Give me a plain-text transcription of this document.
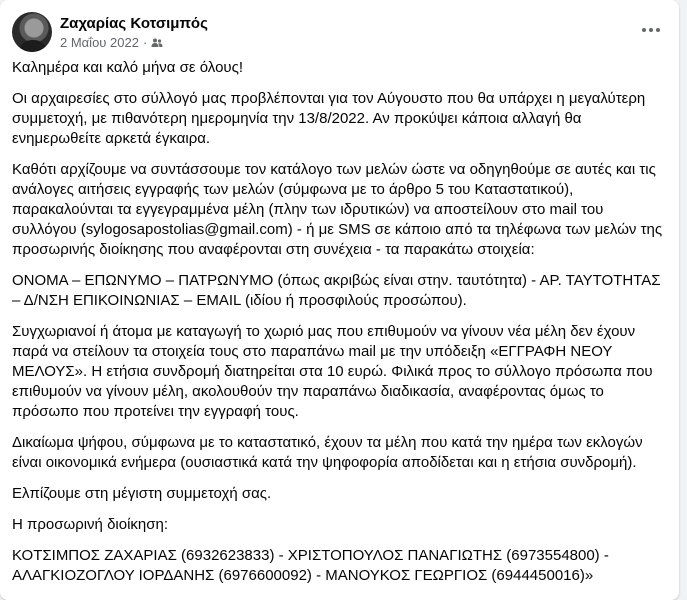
Ζαχαρίας Κοτσιμπός
2 Μαΐου 2022 ·

Καλημέρα και καλό μήνα σε όλους!

Οι αρχαιρεσίες στο σύλλογό μας προβλέπονται για τον Αύγουστο που θα υπάρχει η μεγαλύτερη συμμετοχή, με πιθανότερη ημερομηνία την 13/8/2022. Αν προκύψει κάποια αλλαγή θα ενημερωθείτε αρκετά έγκαιρα.

Καθότι αρχίζουμε να συντάσσουμε τον κατάλογο των μελών ώστε να οδηγηθούμε σε αυτές και τις ανάλογες αιτήσεις εγγραφής των μελών (σύμφωνα με το άρθρο 5 του Καταστατικού), παρακαλούνται τα εγγεγραμμένα μέλη (πλην των ιδρυτικών) να αποστείλουν στο mail του συλλόγου (sylogosapostolias@gmail.com) - ή με SMS σε κάποιο από τα τηλέφωνα των μελών της προσωρινής διοίκησης που αναφέρονται στη συνέχεια - τα παρακάτω στοιχεία:

ΟΝΟΜΑ – ΕΠΩΝΥΜΟ – ΠΑΤΡΩΝΥΜΟ (όπως ακριβώς είναι στην. ταυτότητα) - ΑΡ. ΤΑΥΤΟΤΗΤΑΣ – Δ/ΝΣΗ ΕΠΙΚΟΙΝΩΝΙΑΣ – EMAIL (ιδίου ή προσφιλούς προσώπου).

Συγχωριανοί ή άτομα με καταγωγή το χωριό μας που επιθυμούν να γίνουν νέα μέλη δεν έχουν παρά να στείλουν τα στοιχεία τους στο παραπάνω mail με την υπόδειξη «ΕΓΓΡΑΦΗ ΝΕΟΥ ΜΕΛΟΥΣ». Η ετήσια συνδρομή διατηρείται στα 10 ευρώ. Φιλικά προς το σύλλογο πρόσωπα που επιθυμούν να γίνουν μέλη, ακολουθούν την παραπάνω διαδικασία, αναφέροντας όμως το πρόσωπο που προτείνει την εγγραφή τους.

Δικαίωμα ψήφου, σύμφωνα με το καταστατικό, έχουν τα μέλη που κατά την ημέρα των εκλογών είναι οικονομικά ενήμερα (ουσιαστικά κατά την ψηφοφορία αποδίδεται και η ετήσια συνδρομή).

Ελπίζουμε στη μέγιστη συμμετοχή σας.

Η προσωρινή διοίκηση:

ΚΟΤΣΙΜΠΟΣ ΖΑΧΑΡΙΑΣ (6932623833) - ΧΡΙΣΤΟΠΟΥΛΟΣ ΠΑΝΑΓΙΩΤΗΣ (6973554800) - ΑΛΑΓΚΙΟΖΟΓΛΟΥ ΙΟΡΔΑΝΗΣ (6976600092) - ΜΑΝΟΥΚΟΣ ΓΕΩΡΓΙΟΣ (6944450016)»
